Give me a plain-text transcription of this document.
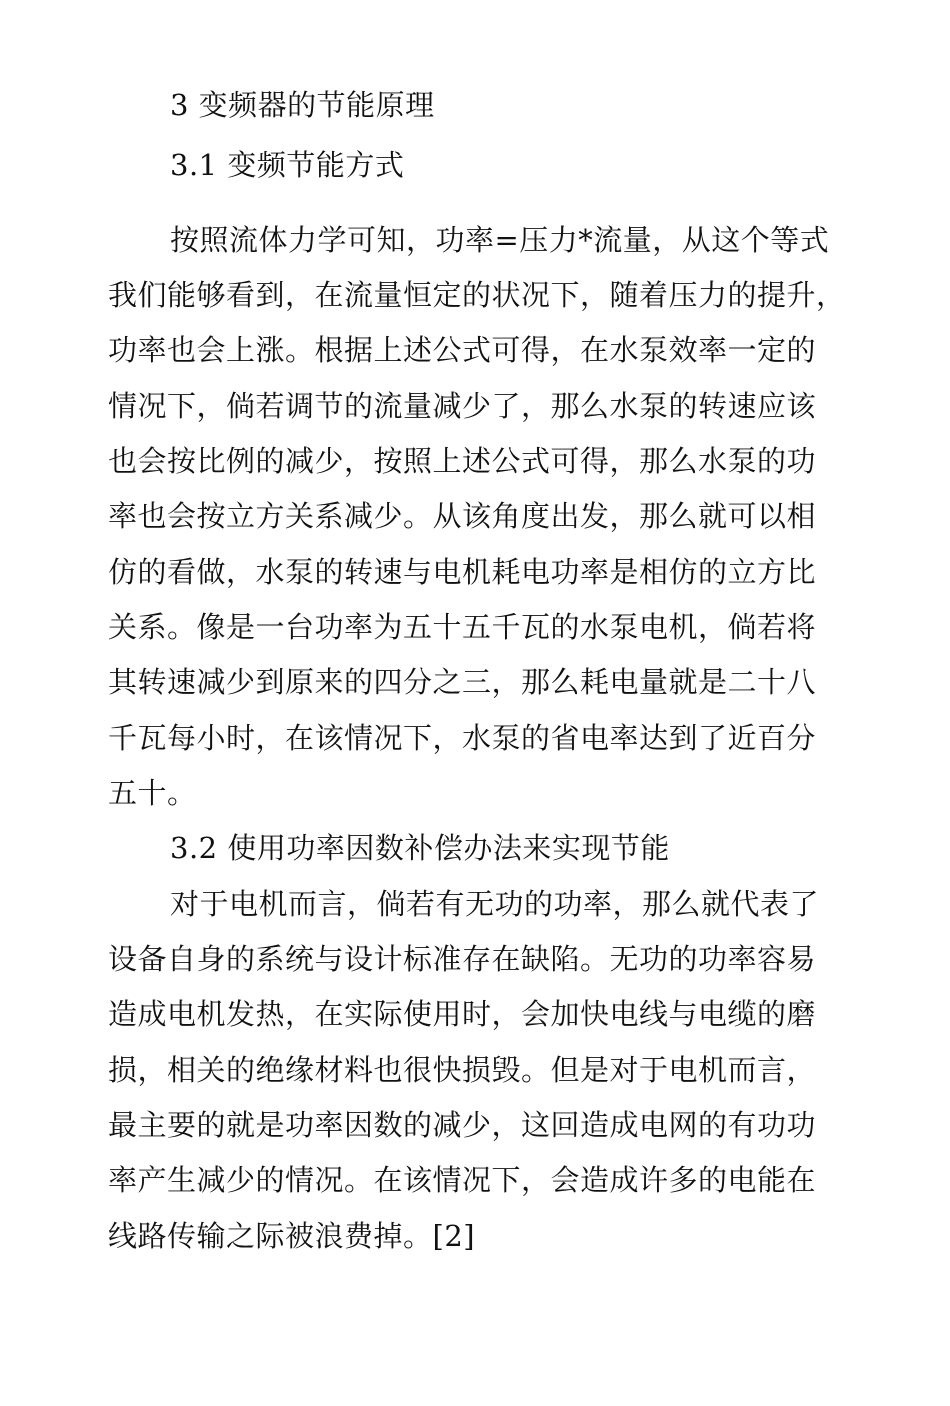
3 变频器的节能原理
3.1 变频节能方式
按照流体力学可知，功率=压力*流量，从这个等式
我们能够看到，在流量恒定的状况下，随着压力的提升，
功率也会上涨。根据上述公式可得，在水泵效率一定的
情况下，倘若调节的流量减少了，那么水泵的转速应该
也会按比例的减少，按照上述公式可得，那么水泵的功
率也会按立方关系减少。从该角度出发，那么就可以相
仿的看做，水泵的转速与电机耗电功率是相仿的立方比
关系。像是一台功率为五十五千瓦的水泵电机，倘若将
其转速减少到原来的四分之三，那么耗电量就是二十八
千瓦每小时，在该情况下，水泵的省电率达到了近百分
五十。
3.2 使用功率因数补偿办法来实现节能
对于电机而言，倘若有无功的功率，那么就代表了
设备自身的系统与设计标准存在缺陷。无功的功率容易
造成电机发热，在实际使用时，会加快电线与电缆的磨
损，相关的绝缘材料也很快损毁。但是对于电机而言，
最主要的就是功率因数的减少，这回造成电网的有功功
率产生减少的情况。在该情况下，会造成许多的电能在
线路传输之际被浪费掉。[2]
